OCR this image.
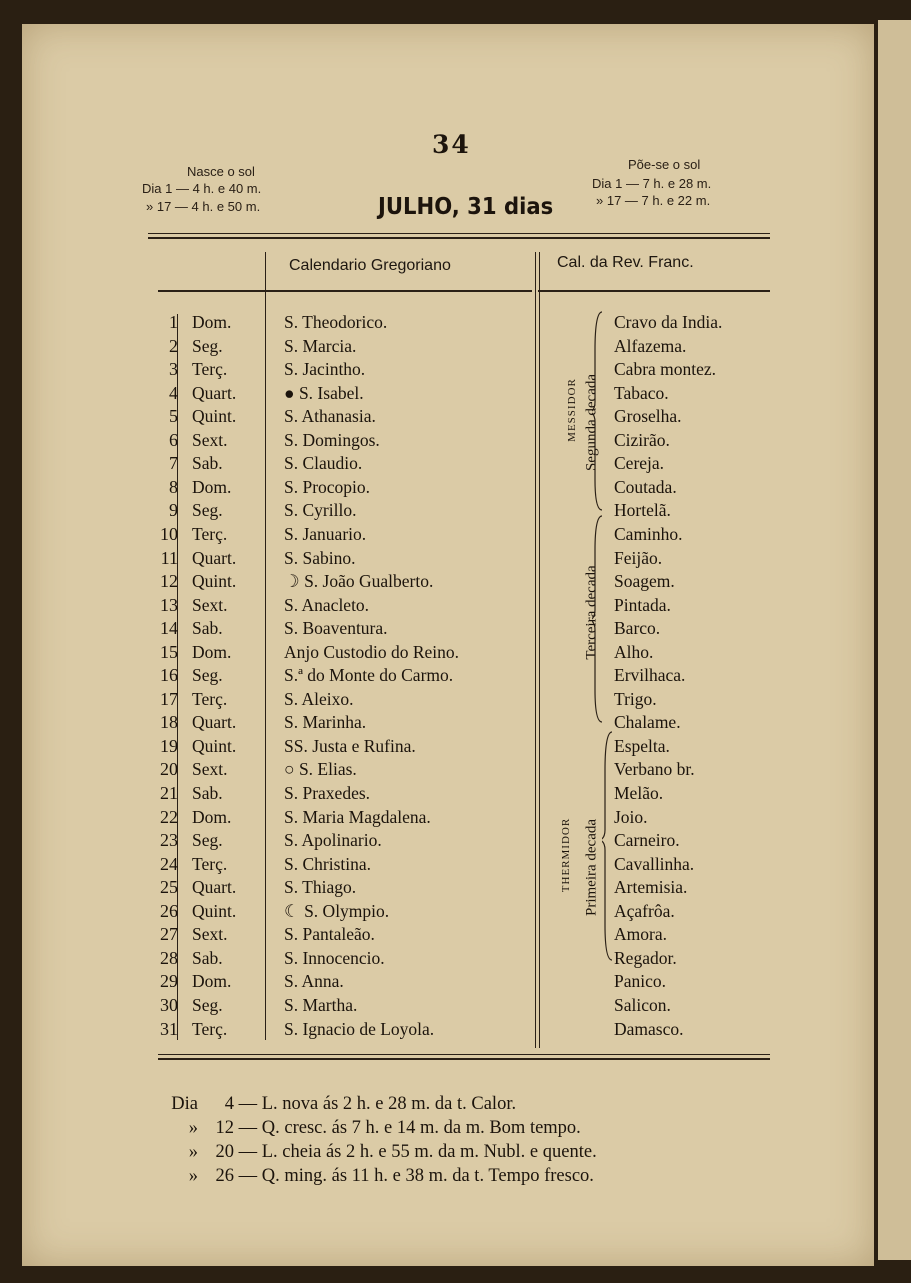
34
Nasce o sol
Dia 1 — 4 h. e 40 m.
» 17 — 4 h. e 50 m.	JULHO, 31 dias
Põe-se o sol
Dia 1 — 7 h. e 28 m.
» 17 — 7 h. e 22 m.
Calendario Gregoriano	Cal. da Rev. Franc.
1 Dom.	S. Theodorico.	Cravo da India.
2 Seg.	S. Marcia.	Alfazema.
3 Terç.	S. Jacintho.	Cabra montez.
4 Quart.	● S. Isabel.	Tabaco.
5 Quint.	S. Athanasia.	Groselha.
6 Sext.	S. Domingos.	Cizirão.
7 Sab.	S. Claudio.	Cereja.
8 Dom.	S. Procopio.	Coutada.
9 Seg.	S. Cyrillo.	Hortelã.
10 Terç.	S. Januario.	Caminho.
11 Quart.	S. Sabino.	Feijão.
12 Quint.	☽ S. João Gualberto.	Soagem.
13 Sext.	S. Anacleto.	Pintada.
14 Sab.	S. Boaventura.	Barco.
15 Dom.	Anjo Custodio do Reino.	Alho.
16 Seg.	S.ª do Monte do Carmo.	Ervilhaca.
17 Terç.	S. Aleixo.	Trigo.
18 Quart.	S. Marinha.	Chalame.
19 Quint.	SS. Justa e Rufina.	Espelta.
20 Sext.	○ S. Elias.	Verbano br.
21 Sab.	S. Praxedes.	Melão.
22 Dom.	S. Maria Magdalena.	Joio.
23 Seg.	S. Apolinario.	Carneiro.
24 Terç.	S. Christina.	Cavallinha.
25 Quart.	S. Thiago.	Artemisia.
26 Quint.	☾ S. Olympio.	Açafrôa.
27 Sext.	S. Pantaleão.	Amora.
28 Sab.	S. Innocencio.	Regador.
29 Dom.	S. Anna.	Panico.
30 Seg.	S. Martha.	Salicon.
31 Terç.	S. Ignacio de Loyola.	Damasco.
MESSIDOR Segunda decada
Terceira decada
THERMIDOR Primeira decada
Dia 4 — L. nova ás 2 h. e 28 m. da t. Calor.
» 12 — Q. cresc. ás 7 h. e 14 m. da m. Bom tempo.
» 20 — L. cheia ás 2 h. e 55 m. da m. Nubl. e quente.
» 26 — Q. ming. ás 11 h. e 38 m. da t. Tempo fresco.
